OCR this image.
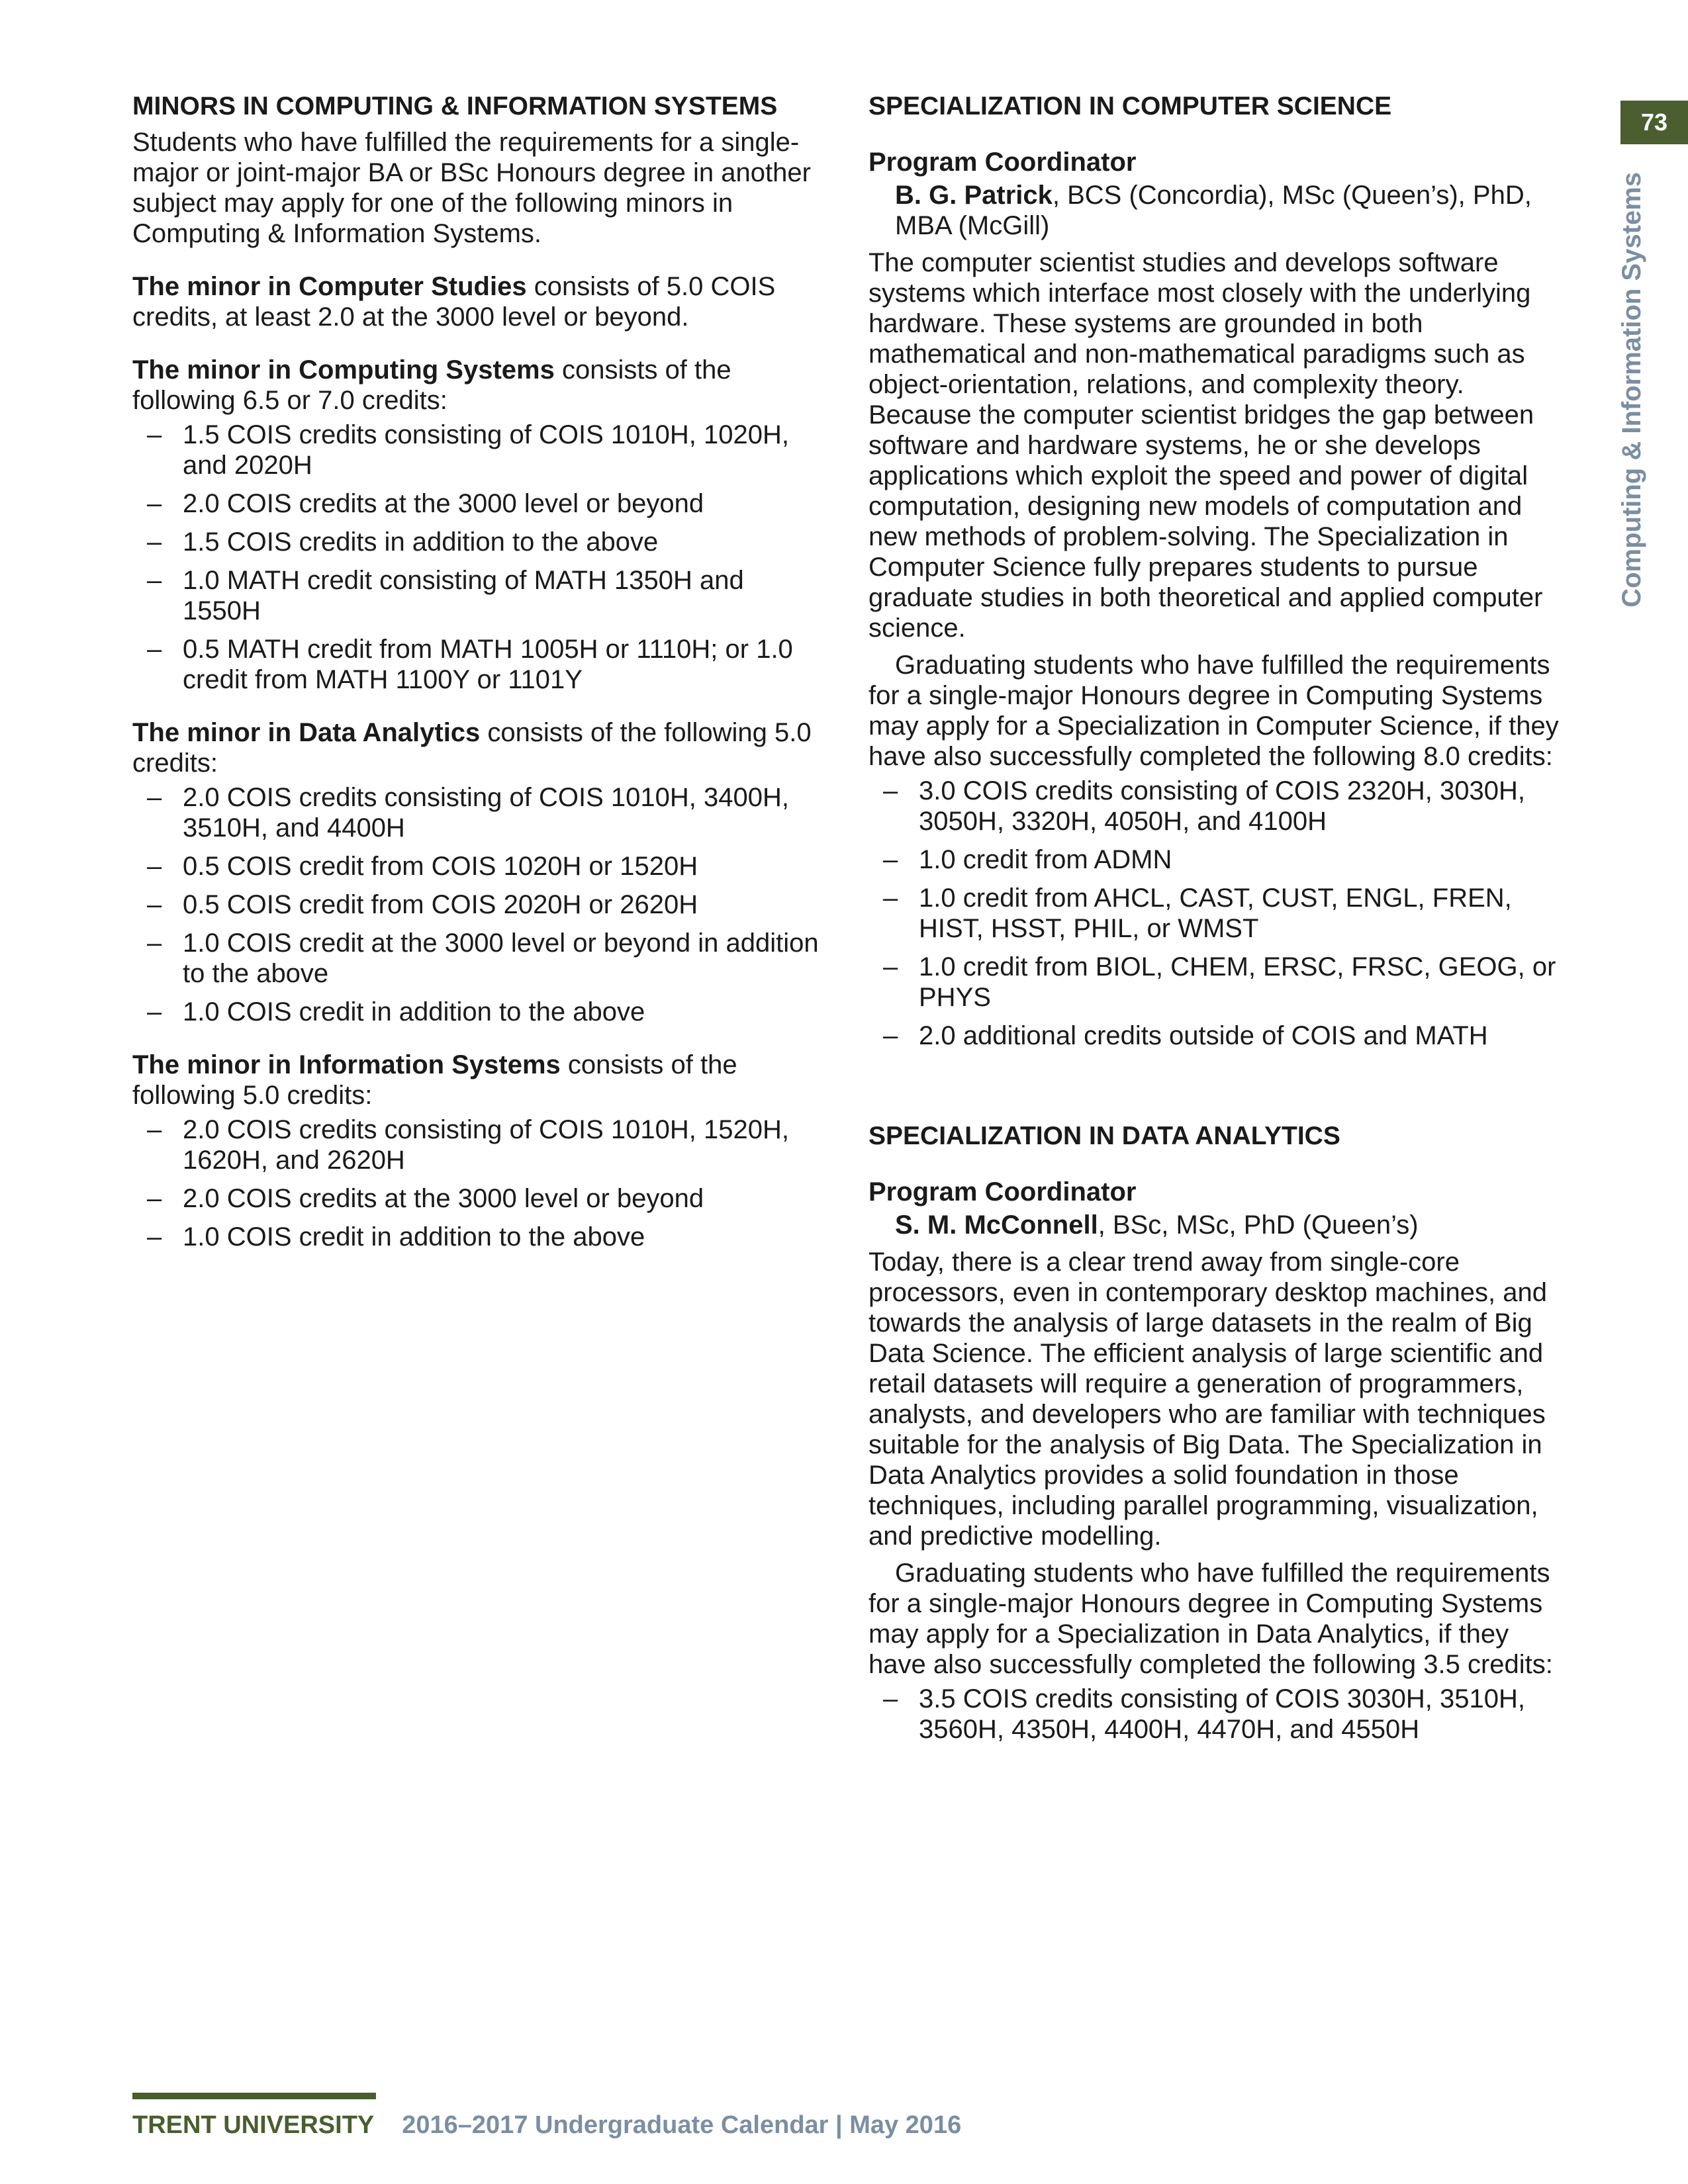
73
Computing & Information Systems
MINORS IN COMPUTING & INFORMATION SYSTEMS

Students who have fulfilled the requirements for a single-major or joint-major BA or BSc Honours degree in another subject may apply for one of the following minors in Computing & Information Systems.

The minor in Computer Studies consists of 5.0 COIS credits, at least 2.0 at the 3000 level or beyond.

The minor in Computing Systems consists of the following 6.5 or 7.0 credits:

– 1.5 COIS credits consisting of COIS 1010H, 1020H, and 2020H
– 2.0 COIS credits at the 3000 level or beyond
– 1.5 COIS credits in addition to the above
– 1.0 MATH credit consisting of MATH 1350H and 1550H
– 0.5 MATH credit from MATH 1005H or 1110H; or 1.0 credit from MATH 1100Y or 1101Y

The minor in Data Analytics consists of the following 5.0 credits:

– 2.0 COIS credits consisting of COIS 1010H, 3400H, 3510H, and 4400H
– 0.5 COIS credit from COIS 1020H or 1520H
– 0.5 COIS credit from COIS 2020H or 2620H
– 1.0 COIS credit at the 3000 level or beyond in addition to the above
– 1.0 COIS credit in addition to the above

The minor in Information Systems consists of the following 5.0 credits:

– 2.0 COIS credits consisting of COIS 1010H, 1520H, 1620H, and 2620H
– 2.0 COIS credits at the 3000 level or beyond
– 1.0 COIS credit in addition to the above
SPECIALIZATION IN COMPUTER SCIENCE

Program Coordinator

B. G. Patrick, BCS (Concordia), MSc (Queen’s), PhD, MBA (McGill)

The computer scientist studies and develops software systems which interface most closely with the underlying hardware. These systems are grounded in both mathematical and non-mathematical paradigms such as object-orientation, relations, and complexity theory. Because the computer scientist bridges the gap between software and hardware systems, he or she develops applications which exploit the speed and power of digital computation, designing new models of computation and new methods of problem-solving. The Specialization in Computer Science fully prepares students to pursue graduate studies in both theoretical and applied computer science.

Graduating students who have fulfilled the requirements for a single-major Honours degree in Computing Systems may apply for a Specialization in Computer Science, if they have also successfully completed the following 8.0 credits:

– 3.0 COIS credits consisting of COIS 2320H, 3030H, 3050H, 3320H, 4050H, and 4100H
– 1.0 credit from ADMN
– 1.0 credit from AHCL, CAST, CUST, ENGL, FREN, HIST, HSST, PHIL, or WMST
– 1.0 credit from BIOL, CHEM, ERSC, FRSC, GEOG, or PHYS
– 2.0 additional credits outside of COIS and MATH
SPECIALIZATION IN DATA ANALYTICS

Program Coordinator

S. M. McConnell, BSc, MSc, PhD (Queen’s)

Today, there is a clear trend away from single-core processors, even in contemporary desktop machines, and towards the analysis of large datasets in the realm of Big Data Science. The efficient analysis of large scientific and retail datasets will require a generation of programmers, analysts, and developers who are familiar with techniques suitable for the analysis of Big Data. The Specialization in Data Analytics provides a solid foundation in those techniques, including parallel programming, visualization, and predictive modelling.

Graduating students who have fulfilled the requirements for a single-major Honours degree in Computing Systems may apply for a Specialization in Data Analytics, if they have also successfully completed the following 3.5 credits:

– 3.5 COIS credits consisting of COIS 3030H, 3510H, 3560H, 4350H, 4400H, 4470H, and 4550H
TRENT UNIVERSITY 2016–2017 Undergraduate Calendar | May 2016
